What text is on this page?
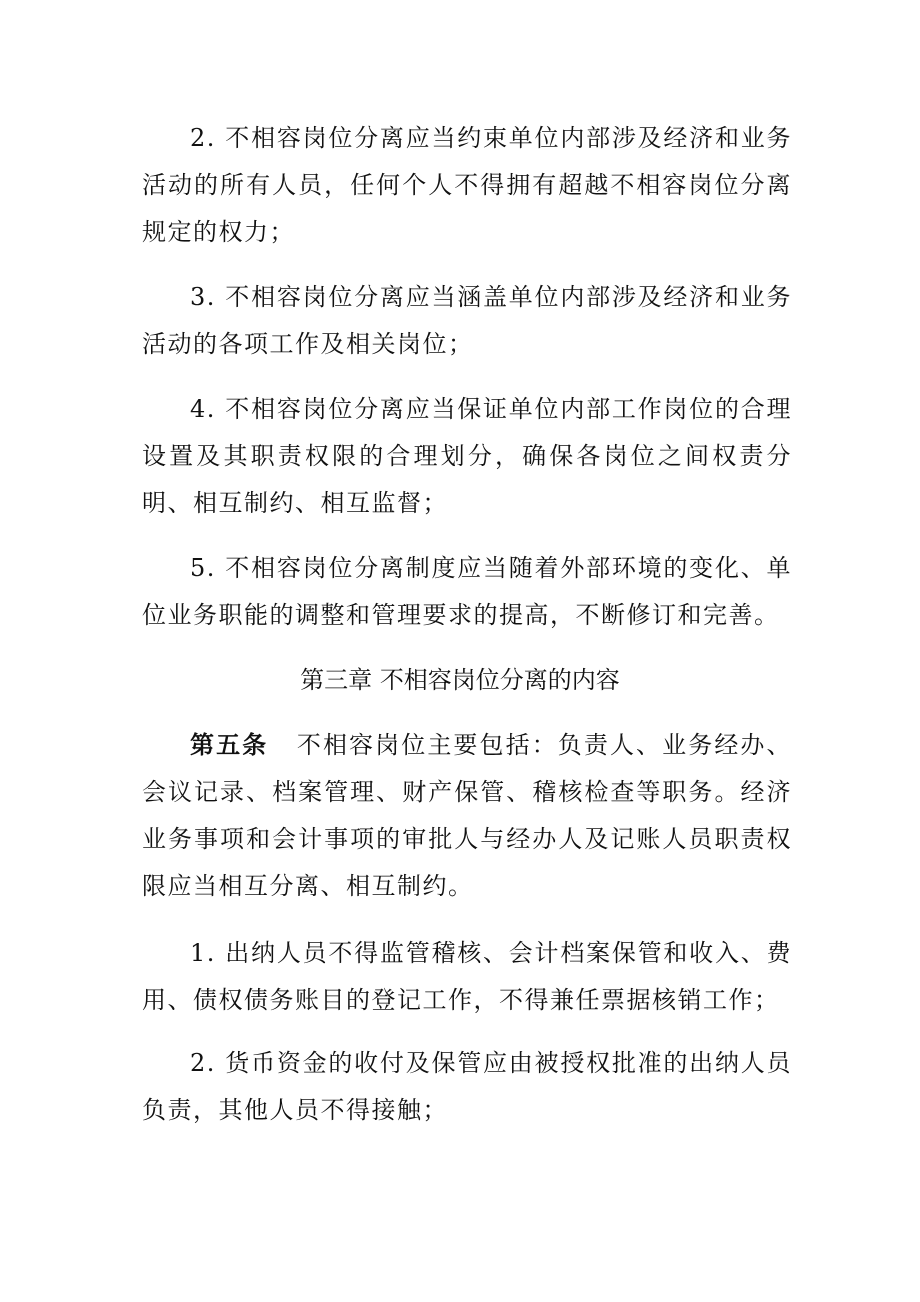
2. 不相容岗位分离应当约束单位内部涉及经济和业务活动的所有人员，任何个人不得拥有超越不相容岗位分离规定的权力；

3. 不相容岗位分离应当涵盖单位内部涉及经济和业务活动的各项工作及相关岗位；

4. 不相容岗位分离应当保证单位内部工作岗位的合理设置及其职责权限的合理划分，确保各岗位之间权责分明、相互制约、相互监督；

5. 不相容岗位分离制度应当随着外部环境的变化、单位业务职能的调整和管理要求的提高，不断修订和完善。

第三章 不相容岗位分离的内容

第五条 不相容岗位主要包括：负责人、业务经办、会议记录、档案管理、财产保管、稽核检查等职务。经济业务事项和会计事项的审批人与经办人及记账人员职责权限应当相互分离、相互制约。

1. 出纳人员不得监管稽核、会计档案保管和收入、费用、债权债务账目的登记工作，不得兼任票据核销工作；

2. 货币资金的收付及保管应由被授权批准的出纳人员负责，其他人员不得接触；
